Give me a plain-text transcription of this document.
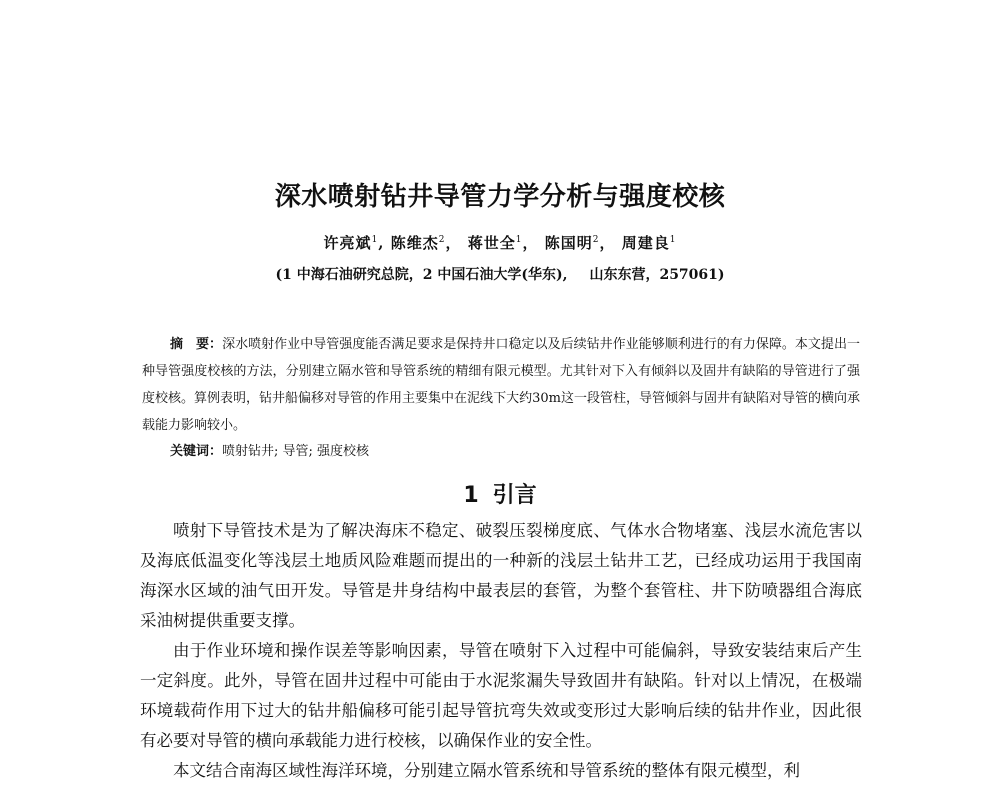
深水喷射钻井导管力学分析与强度校核
许亮斌$^1$, 陈维杰$^2$， 蒋世全$^1$， 陈国明$^2$， 周建良$^1$
(1 中海石油研究总院，2 中国石油大学(华东), 山东东营，257061)
摘　要：深水喷射作业中导管强度能否满足要求是保持井口稳定以及后续钻井作业能够顺利进行的有力保障。本文提出一种导管强度校核的方法，分别建立隔水管和导管系统的精细有限元模型。尤其针对下入有倾斜以及固井有缺陷的导管进行了强度校核。算例表明，钻井船偏移对导管的作用主要集中在泥线下大约30m这一段管柱，导管倾斜与固井有缺陷对导管的横向承载能力影响较小。
关键词：喷射钻井; 导管; 强度校核
1 引言

喷射下导管技术是为了解决海床不稳定、破裂压裂梯度底、气体水合物堵塞、浅层水流危害以及海底低温变化等浅层土地质风险难题而提出的一种新的浅层土钻井工艺，已经成功运用于我国南海深水区域的油气田开发。导管是井身结构中最表层的套管，为整个套管柱、井下防喷器组合海底采油树提供重要支撑。

由于作业环境和操作误差等影响因素，导管在喷射下入过程中可能偏斜，导致安装结束后产生一定斜度。此外，导管在固井过程中可能由于水泥浆漏失导致固井有缺陷。针对以上情况，在极端环境载荷作用下过大的钻井船偏移可能引起导管抗弯失效或变形过大影响后续的钻井作业，因此很有必要对导管的横向承载能力进行校核，以确保作业的安全性。

本文结合南海区域性海洋环境，分别建立隔水管系统和导管系统的整体有限元模型，利
